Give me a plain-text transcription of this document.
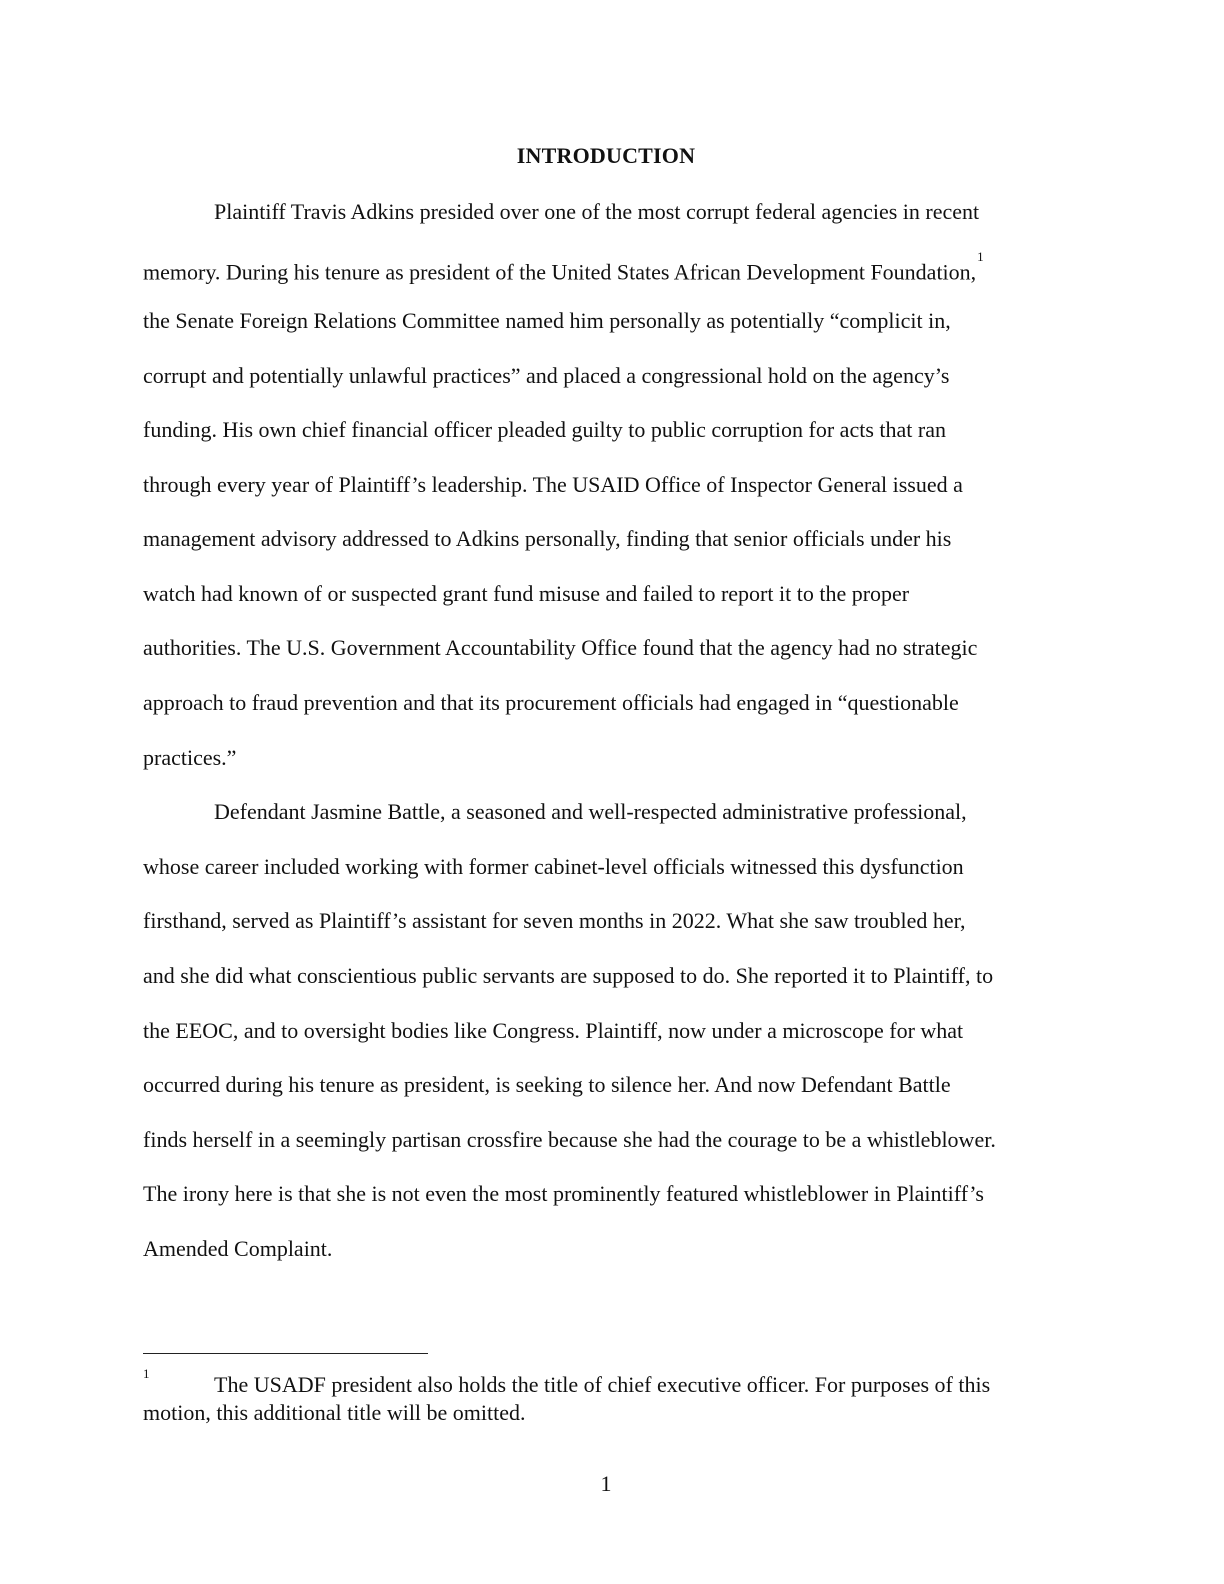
INTRODUCTION
Plaintiff Travis Adkins presided over one of the most corrupt federal agencies in recent
memory. During his tenure as president of the United States African Development Foundation,$^1$
the Senate Foreign Relations Committee named him personally as potentially “complicit in,
corrupt and potentially unlawful practices” and placed a congressional hold on the agency’s
funding. His own chief financial officer pleaded guilty to public corruption for acts that ran
through every year of Plaintiff’s leadership. The USAID Office of Inspector General issued a
management advisory addressed to Adkins personally, finding that senior officials under his
watch had known of or suspected grant fund misuse and failed to report it to the proper
authorities. The U.S. Government Accountability Office found that the agency had no strategic
approach to fraud prevention and that its procurement officials had engaged in “questionable
practices.”
Defendant Jasmine Battle, a seasoned and well-respected administrative professional,
whose career included working with former cabinet-level officials witnessed this dysfunction
firsthand, served as Plaintiff’s assistant for seven months in 2022. What she saw troubled her,
and she did what conscientious public servants are supposed to do. She reported it to Plaintiff, to
the EEOC, and to oversight bodies like Congress. Plaintiff, now under a microscope for what
occurred during his tenure as president, is seeking to silence her. And now Defendant Battle
finds herself in a seemingly partisan crossfire because she had the courage to be a whistleblower.
The irony here is that she is not even the most prominently featured whistleblower in Plaintiff’s
Amended Complaint.
1	The USADF president also holds the title of chief executive officer. For purposes of this
motion, this additional title will be omitted.
1
